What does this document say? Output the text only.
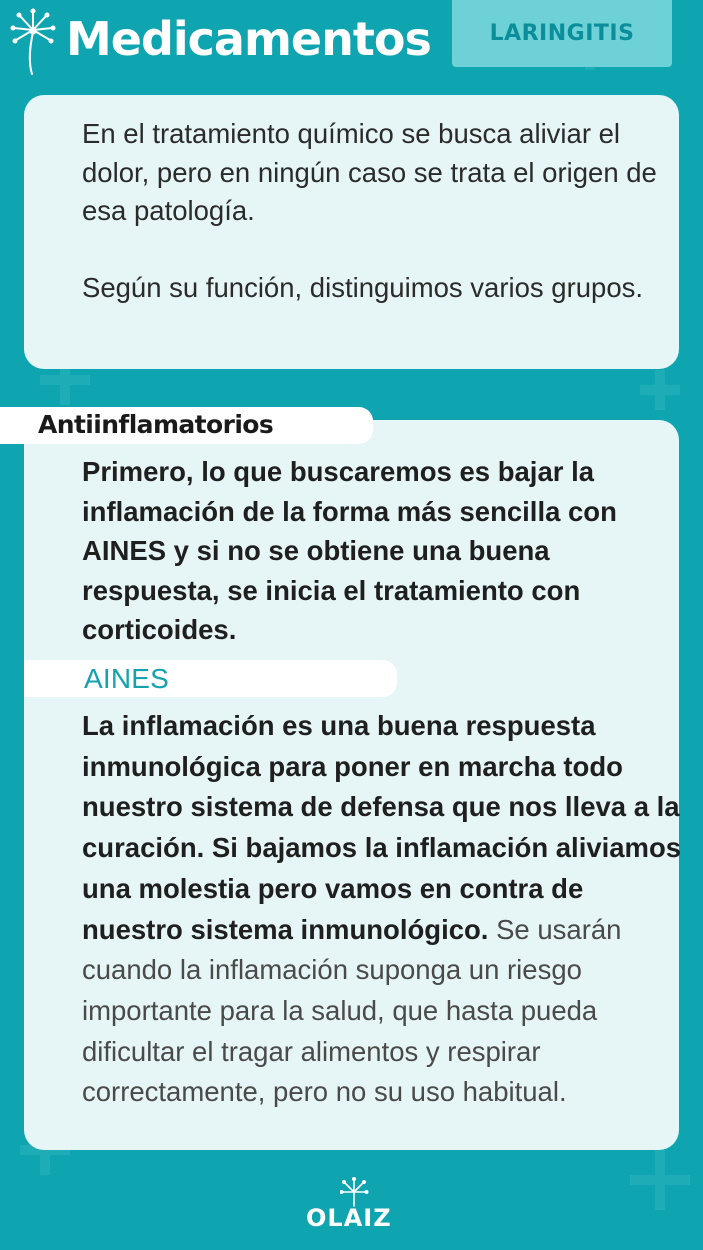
Medicamentos	LARINGITIS

En el tratamiento químico se busca aliviar el dolor, pero en ningún caso se trata el origen de esa patología.

Según su función, distinguimos varios grupos.

Antiinflamatorios

Primero, lo que buscaremos es bajar la inflamación de la forma más sencilla con AINES y si no se obtiene una buena respuesta, se inicia el tratamiento con corticoides.

AINES

La inflamación es una buena respuesta inmunológica para poner en marcha todo nuestro sistema de defensa que nos lleva a la curación. Si bajamos la inflamación aliviamos una molestia pero vamos en contra de nuestro sistema inmunológico. Se usarán cuando la inflamación suponga un riesgo importante para la salud, que hasta pueda dificultar el tragar alimentos y respirar correctamente, pero no su uso habitual.

OLAIZ
